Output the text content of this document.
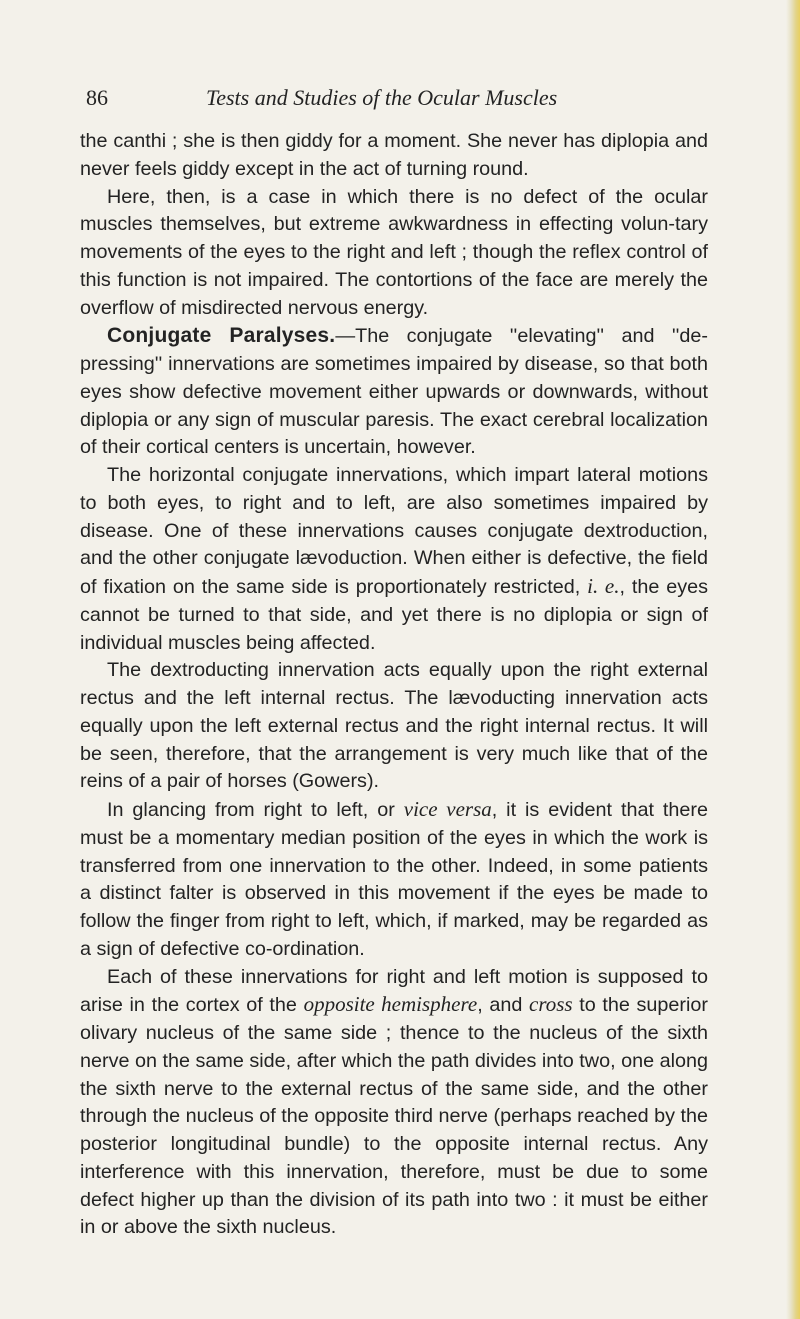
86	Tests and Studies of the Ocular Muscles

the canthi ; she is then giddy for a moment. She never has diplopia and never feels giddy except in the act of turning round.

Here, then, is a case in which there is no defect of the ocular muscles themselves, but extreme awkwardness in effecting volun-tary movements of the eyes to the right and left ; though the reflex control of this function is not impaired. The contortions of the face are merely the overflow of misdirected nervous energy.

Conjugate Paralyses.—The conjugate ''elevating'' and ''de-pressing'' innervations are sometimes impaired by disease, so that both eyes show defective movement either upwards or downwards, without diplopia or any sign of muscular paresis. The exact cerebral localization of their cortical centers is uncertain, however.

The horizontal conjugate innervations, which impart lateral motions to both eyes, to right and to left, are also sometimes impaired by disease. One of these innervations causes conjugate dextroduction, and the other conjugate lævoduction. When either is defective, the field of fixation on the same side is proportionately restricted, i. e., the eyes cannot be turned to that side, and yet there is no diplopia or sign of individual muscles being affected.

The dextroducting innervation acts equally upon the right external rectus and the left internal rectus. The lævoducting innervation acts equally upon the left external rectus and the right internal rectus. It will be seen, therefore, that the arrangement is very much like that of the reins of a pair of horses (Gowers).

In glancing from right to left, or vice versa, it is evident that there must be a momentary median position of the eyes in which the work is transferred from one innervation to the other. Indeed, in some patients a distinct falter is observed in this movement if the eyes be made to follow the finger from right to left, which, if marked, may be regarded as a sign of defective co-ordination.

Each of these innervations for right and left motion is supposed to arise in the cortex of the opposite hemisphere, and cross to the superior olivary nucleus of the same side ; thence to the nucleus of the sixth nerve on the same side, after which the path divides into two, one along the sixth nerve to the external rectus of the same side, and the other through the nucleus of the opposite third nerve (perhaps reached by the posterior longitudinal bundle) to the opposite internal rectus. Any interference with this innervation, therefore, must be due to some defect higher up than the division of its path into two : it must be either in or above the sixth nucleus.
